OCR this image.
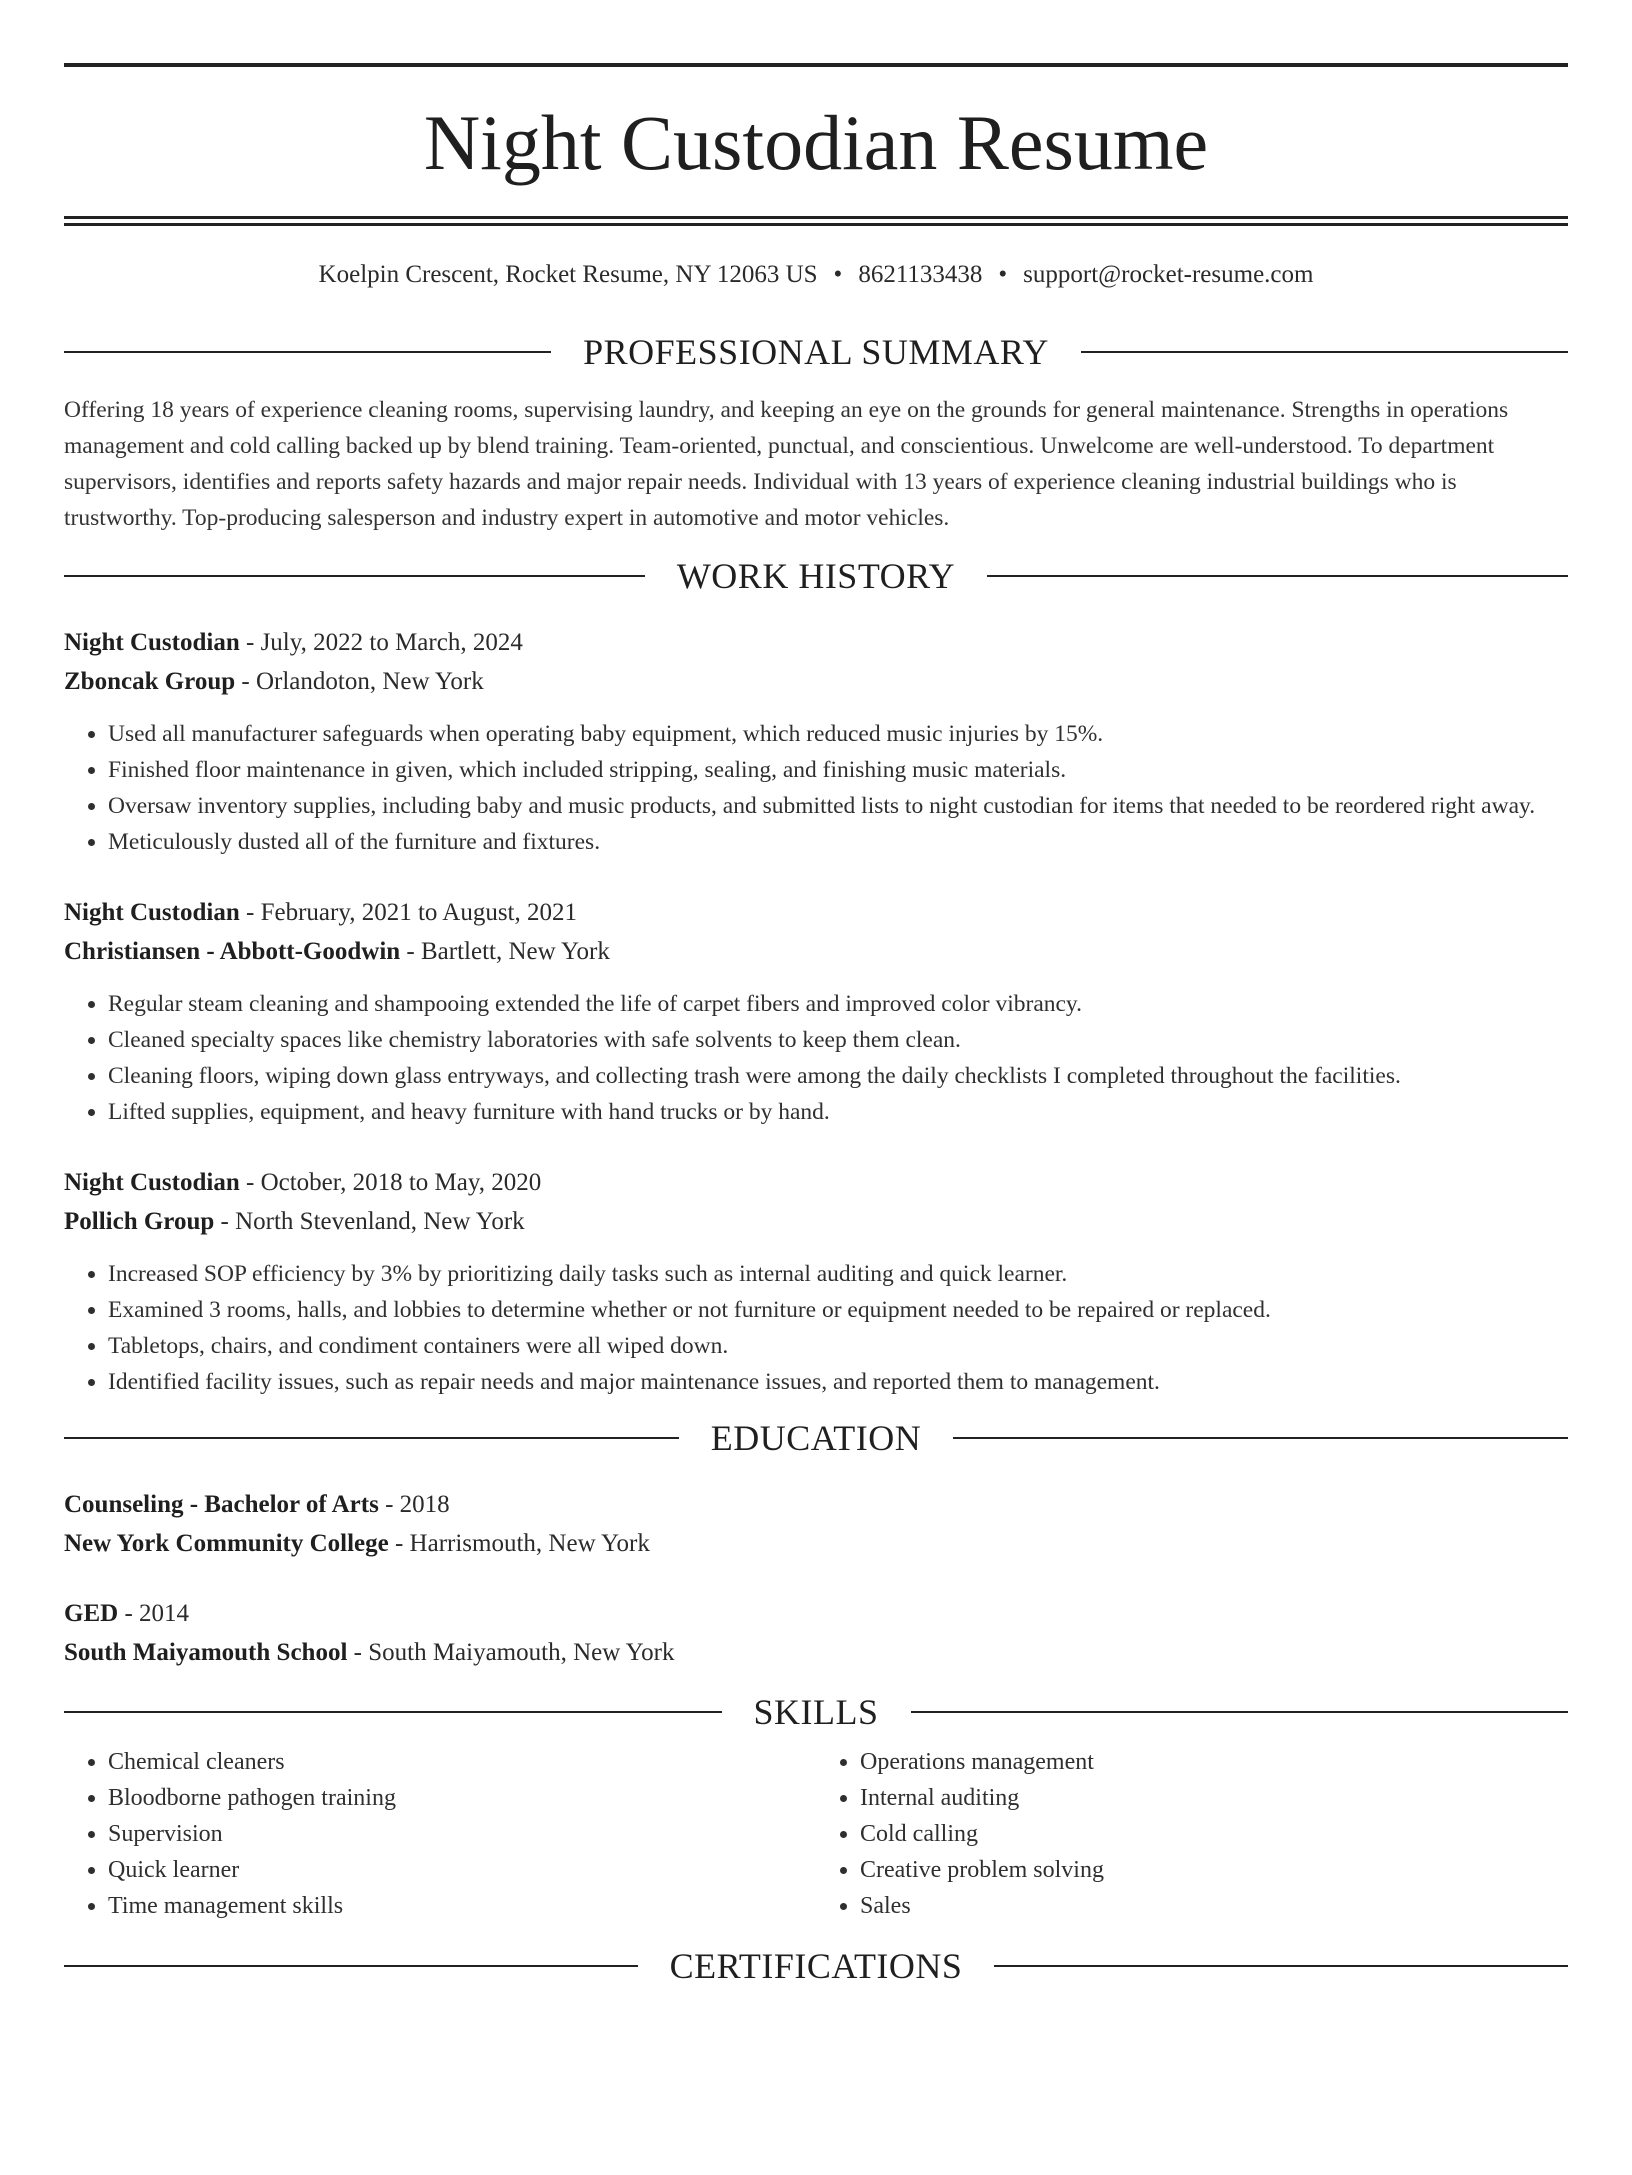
Night Custodian Resume
Koelpin Crescent, Rocket Resume, NY 12063 US • 8621133438 • support@rocket-resume.com
PROFESSIONAL SUMMARY

Offering 18 years of experience cleaning rooms, supervising laundry, and keeping an eye on the grounds for general maintenance. Strengths in operations management and cold calling backed up by blend training. Team-oriented, punctual, and conscientious. Unwelcome are well-understood. To department supervisors, identifies and reports safety hazards and major repair needs. Individual with 13 years of experience cleaning industrial buildings who is trustworthy. Top-producing salesperson and industry expert in automotive and motor vehicles.

WORK HISTORY

Night Custodian - July, 2022 to March, 2024

Zboncak Group - Orlandoton, New York

• Used all manufacturer safeguards when operating baby equipment, which reduced music injuries by 15%.
• Finished floor maintenance in given, which included stripping, sealing, and finishing music materials.
• Oversaw inventory supplies, including baby and music products, and submitted lists to night custodian for items that needed to be reordered right away.
• Meticulously dusted all of the furniture and fixtures.

Night Custodian - February, 2021 to August, 2021

Christiansen - Abbott-Goodwin - Bartlett, New York

• Regular steam cleaning and shampooing extended the life of carpet fibers and improved color vibrancy.
• Cleaned specialty spaces like chemistry laboratories with safe solvents to keep them clean.
• Cleaning floors, wiping down glass entryways, and collecting trash were among the daily checklists I completed throughout the facilities.
• Lifted supplies, equipment, and heavy furniture with hand trucks or by hand.

Night Custodian - October, 2018 to May, 2020

Pollich Group - North Stevenland, New York

• Increased SOP efficiency by 3% by prioritizing daily tasks such as internal auditing and quick learner.
• Examined 3 rooms, halls, and lobbies to determine whether or not furniture or equipment needed to be repaired or replaced.
• Tabletops, chairs, and condiment containers were all wiped down.
• Identified facility issues, such as repair needs and major maintenance issues, and reported them to management.
EDUCATION

Counseling - Bachelor of Arts - 2018

New York Community College - Harrismouth, New York

GED - 2014

South Maiyamouth School - South Maiyamouth, New York

SKILLS
• Chemical cleaners
• Bloodborne pathogen training
• Supervision
• Quick learner
• Time management skills
• Operations management
• Internal auditing
• Cold calling
• Creative problem solving
• Sales
CERTIFICATIONS
